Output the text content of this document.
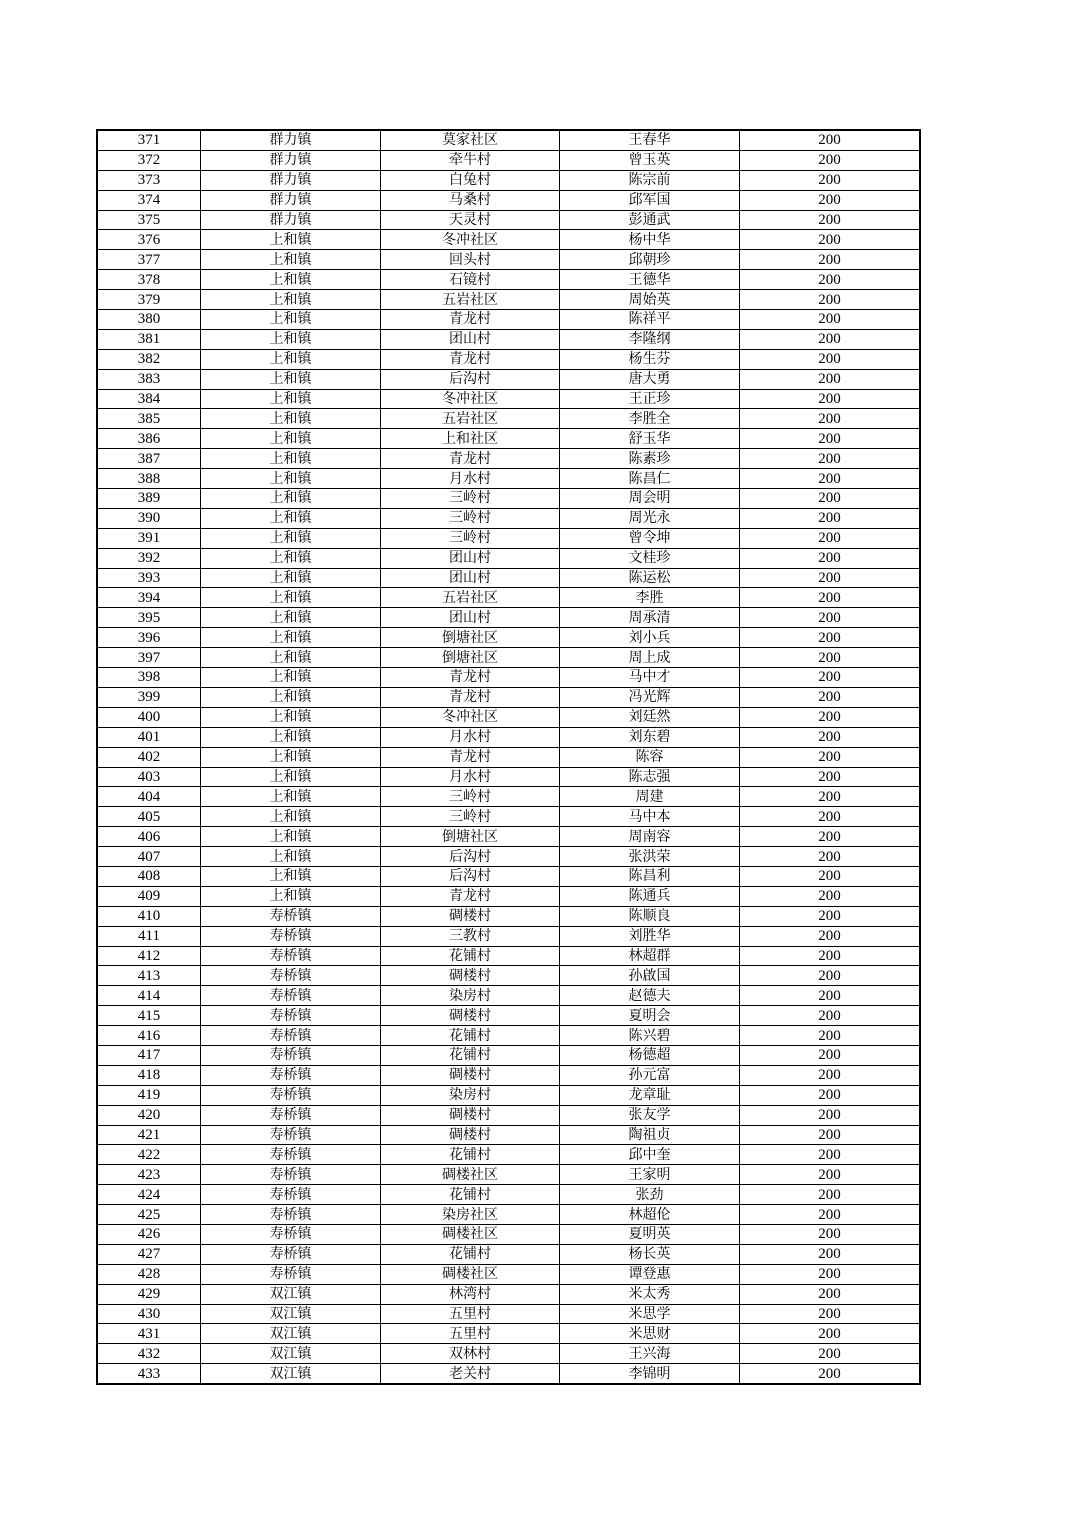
371	群力镇	莫家社区	王春华	200
372	群力镇	牵牛村	曾玉英	200
373	群力镇	白兔村	陈宗前	200
374	群力镇	马桑村	邱军国	200
375	群力镇	天灵村	彭通武	200
376	上和镇	冬冲社区	杨中华	200
377	上和镇	回头村	邱朝珍	200
378	上和镇	石镜村	王德华	200
379	上和镇	五岩社区	周始英	200
380	上和镇	青龙村	陈祥平	200
381	上和镇	团山村	李隆纲	200
382	上和镇	青龙村	杨生芬	200
383	上和镇	后沟村	唐大勇	200
384	上和镇	冬冲社区	王正珍	200
385	上和镇	五岩社区	李胜全	200
386	上和镇	上和社区	舒玉华	200
387	上和镇	青龙村	陈素珍	200
388	上和镇	月水村	陈昌仁	200
389	上和镇	三岭村	周会明	200
390	上和镇	三岭村	周光永	200
391	上和镇	三岭村	曾令坤	200
392	上和镇	团山村	文桂珍	200
393	上和镇	团山村	陈运松	200
394	上和镇	五岩社区	李胜	200
395	上和镇	团山村	周承清	200
396	上和镇	倒塘社区	刘小兵	200
397	上和镇	倒塘社区	周上成	200
398	上和镇	青龙村	马中才	200
399	上和镇	青龙村	冯光辉	200
400	上和镇	冬冲社区	刘廷然	200
401	上和镇	月水村	刘东碧	200
402	上和镇	青龙村	陈容	200
403	上和镇	月水村	陈志强	200
404	上和镇	三岭村	周建	200
405	上和镇	三岭村	马中本	200
406	上和镇	倒塘社区	周南容	200
407	上和镇	后沟村	张洪荣	200
408	上和镇	后沟村	陈昌利	200
409	上和镇	青龙村	陈通兵	200
410	寿桥镇	碉楼村	陈顺良	200
411	寿桥镇	三教村	刘胜华	200
412	寿桥镇	花铺村	林超群	200
413	寿桥镇	碉楼村	孙啟国	200
414	寿桥镇	染房村	赵德夫	200
415	寿桥镇	碉楼村	夏明会	200
416	寿桥镇	花铺村	陈兴碧	200
417	寿桥镇	花铺村	杨德超	200
418	寿桥镇	碉楼村	孙元富	200
419	寿桥镇	染房村	龙章耻	200
420	寿桥镇	碉楼村	张友学	200
421	寿桥镇	碉楼村	陶祖贞	200
422	寿桥镇	花铺村	邱中奎	200
423	寿桥镇	碉楼社区	王家明	200
424	寿桥镇	花铺村	张劲	200
425	寿桥镇	染房社区	林超伦	200
426	寿桥镇	碉楼社区	夏明英	200
427	寿桥镇	花铺村	杨长英	200
428	寿桥镇	碉楼社区	谭登惠	200
429	双江镇	林湾村	米太秀	200
430	双江镇	五里村	米思学	200
431	双江镇	五里村	米思财	200
432	双江镇	双林村	王兴海	200
433	双江镇	老关村	李锦明	200
